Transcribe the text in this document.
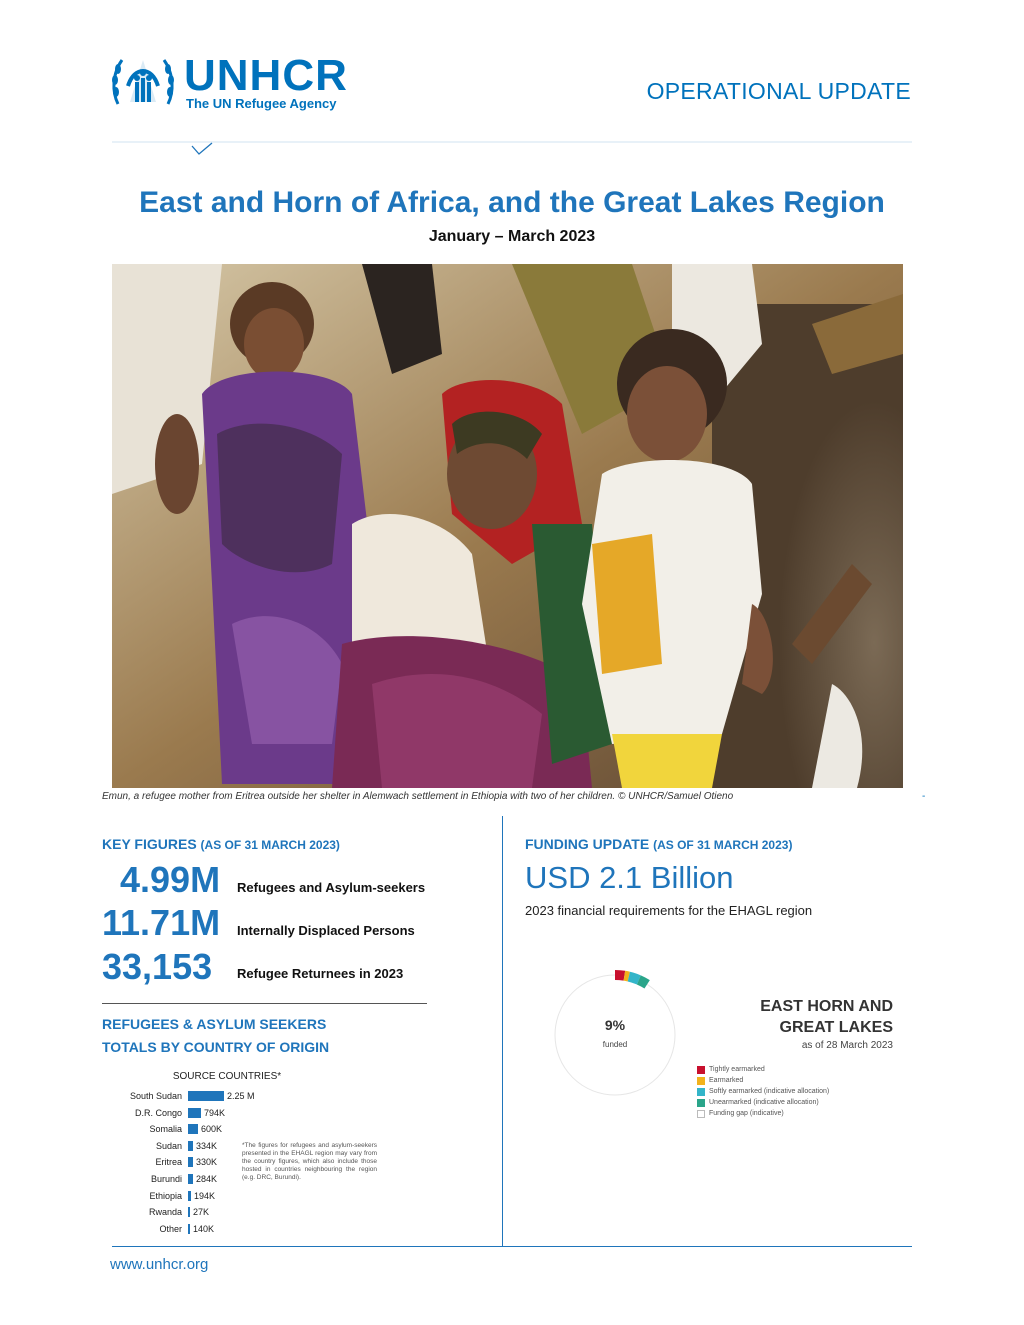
UNHCR
The UN Refugee Agency	OPERATIONAL UPDATE
East and Horn of Africa, and the Great Lakes Region
January – March 2023
Emun, a refugee mother from Eritrea outside her shelter in Alemwach settlement in Ethiopia with two of her children. © UNHCR/Samuel Otieno	-
KEY FIGURES (AS OF 31 MARCH 2023)
4.99M Refugees and Asylum-seekers
11.71M Internally Displaced Persons
33,153 Refugee Returnees in 2023
REFUGEES & ASYLUM SEEKERS
TOTALS BY COUNTRY OF ORIGIN
SOURCE COUNTRIES*
South Sudan	2.25 M
D.R. Congo 794K
Somalia 600K
Sudan 334K
Eritrea 330K
Burundi 284K
Ethiopia 194K
Rwanda 27K
Other 140K
*The figures for refugees and asylum-seekers presented in the EHAGL region may vary from the country figures, which also include those hosted in countries neighbouring the region (e.g. DRC, Burundi).
FUNDING UPDATE (AS OF 31 MARCH 2023)
USD 2.1 Billion
2023 financial requirements for the EHAGL region
9%
funded
EAST HORN AND
GREAT LAKES
as of 28 March 2023
Tightly earmarked
Earmarked
Softly earmarked (indicative allocation)
Unearmarked (indicative allocation)
Funding gap (indicative)
www.unhcr.org
